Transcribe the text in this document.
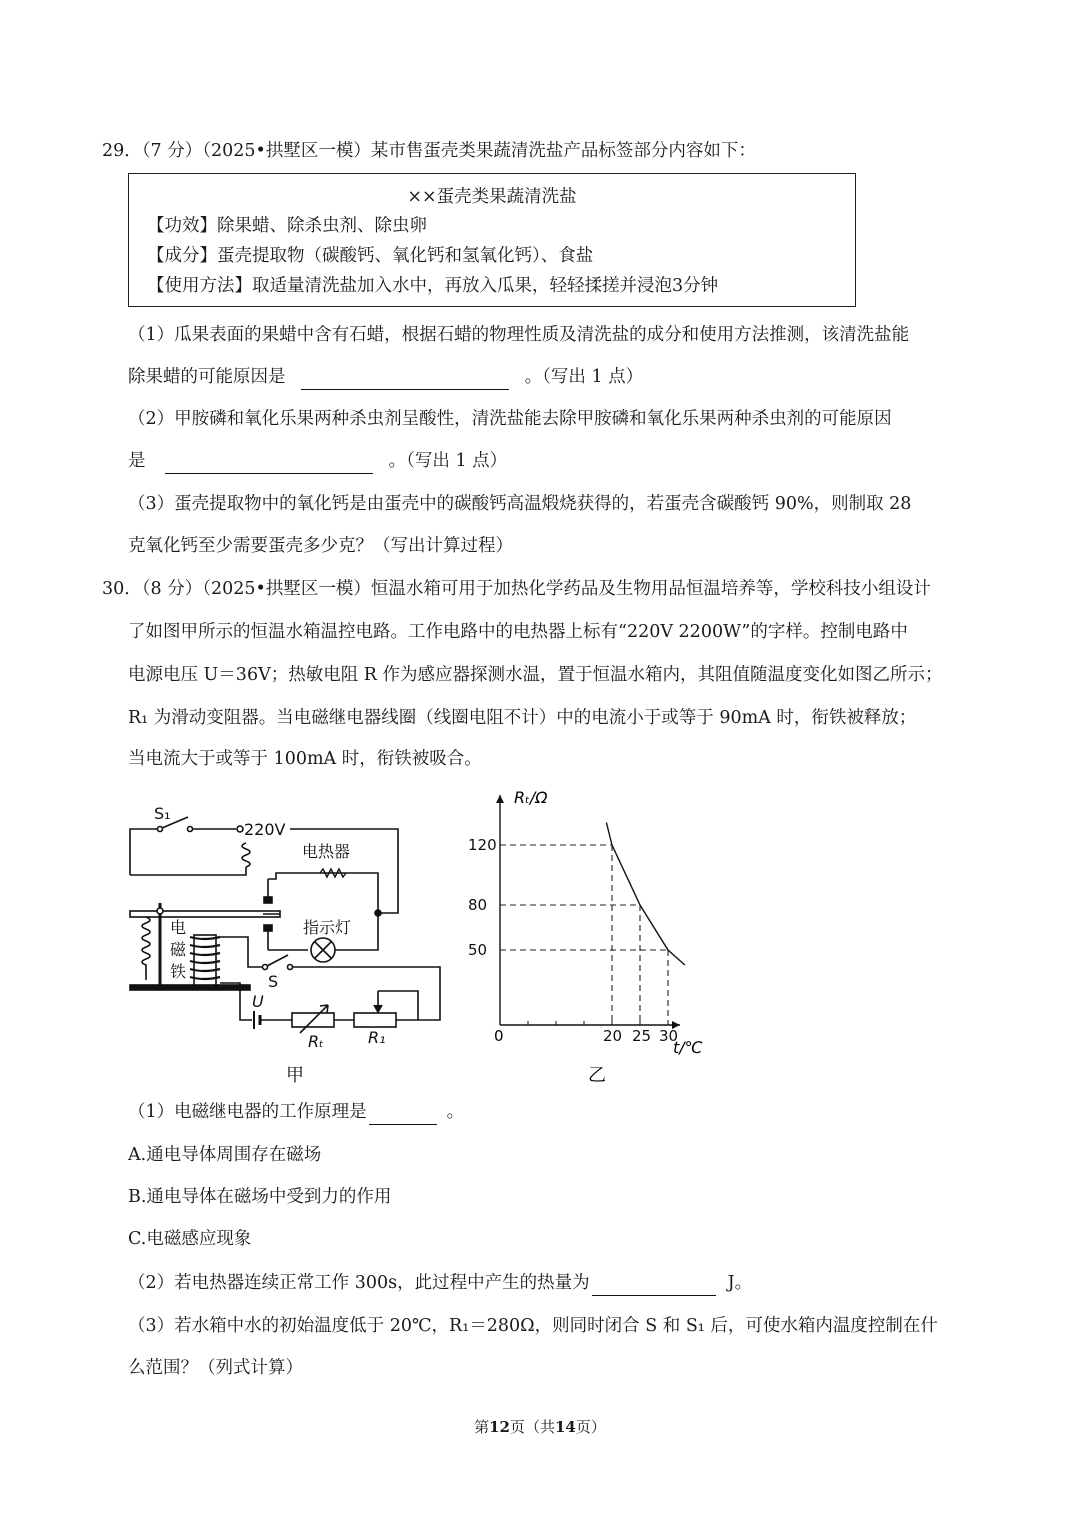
29．（7 分）（2025•拱墅区一模）某市售蛋壳类果蔬清洗盐产品标签部分内容如下：
××蛋壳类果蔬清洗盐
【功效】除果蜡、除杀虫剂、除虫卵
【成分】蛋壳提取物（碳酸钙、氧化钙和氢氧化钙）、食盐
【使用方法】取适量清洗盐加入水中，再放入瓜果，轻轻揉搓并浸泡3分钟
（1）瓜果表面的果蜡中含有石蜡，根据石蜡的物理性质及清洗盐的成分和使用方法推测，该清洗盐能
除果蜡的可能原因是	。（写出 1 点）
（2）甲胺磷和氧化乐果两种杀虫剂呈酸性，清洗盐能去除甲胺磷和氧化乐果两种杀虫剂的可能原因
是	。（写出 1 点）
（3）蛋壳提取物中的氧化钙是由蛋壳中的碳酸钙高温煅烧获得的，若蛋壳含碳酸钙 90%，则制取 28
克氧化钙至少需要蛋壳多少克？（写出计算过程）
30．（8 分）（2025•拱墅区一模）恒温水箱可用于加热化学药品及生物用品恒温培养等，学校科技小组设计
了如图甲所示的恒温水箱温控电路。工作电路中的电热器上标有“220V 2200W”的字样。控制电路中
电源电压 U＝36V；热敏电阻 R 作为感应器探测水温，置于恒温水箱内，其阻值随温度变化如图乙所示；
R₁ 为滑动变阻器。当电磁继电器线圈（线圈电阻不计）中的电流小于或等于 90mA 时，衔铁被释放；
当电流大于或等于 100mA 时，衔铁被吸合。
S₁
220V
电热器
指示灯
电
磁
铁
S
U
Rₜ	R₁
甲
120
80
50
20 25 30
Rₜ/Ω
t/℃
0
乙
（1）电磁继电器的工作原理是	。
A.通电导体周围存在磁场
B.通电导体在磁场中受到力的作用
C.电磁感应现象
（2）若电热器连续正常工作 300s，此过程中产生的热量为	J。
（3）若水箱中水的初始温度低于 20℃，R₁＝280Ω，则同时闭合 S 和 S₁ 后，可使水箱内温度控制在什
么范围？（列式计算）
第12页（共14页）
